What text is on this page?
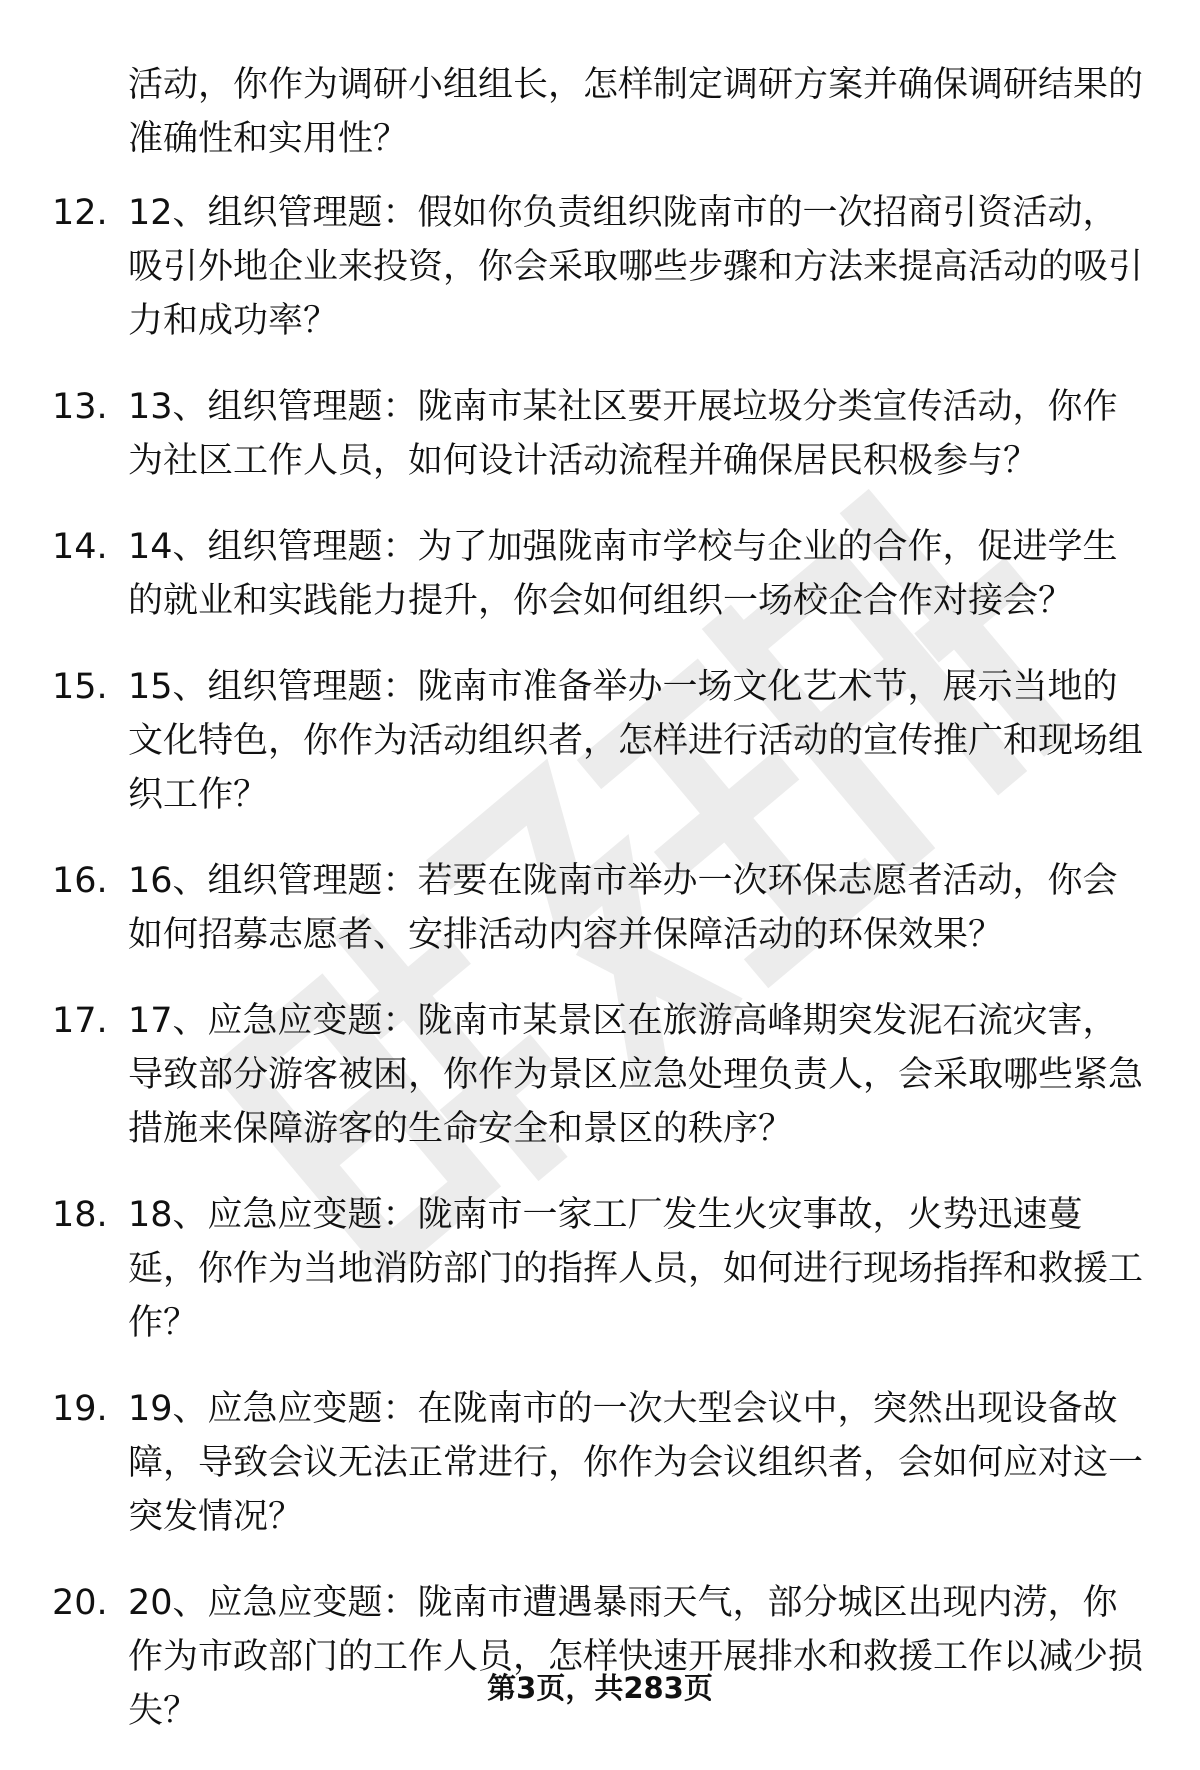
活动，你作为调研小组组长，怎样制定调研方案并确保调研结果的准确性和实用性？

12. 12、组织管理题：假如你负责组织陇南市的一次招商引资活动，吸引外地企业来投资，你会采取哪些步骤和方法来提高活动的吸引力和成功率？
13. 13、组织管理题：陇南市某社区要开展垃圾分类宣传活动，你作为社区工作人员，如何设计活动流程并确保居民积极参与？
14. 14、组织管理题：为了加强陇南市学校与企业的合作，促进学生的就业和实践能力提升，你会如何组织一场校企合作对接会？
15. 15、组织管理题：陇南市准备举办一场文化艺术节，展示当地的文化特色，你作为活动组织者，怎样进行活动的宣传推广和现场组织工作？
16. 16、组织管理题：若要在陇南市举办一次环保志愿者活动，你会如何招募志愿者、安排活动内容并保障活动的环保效果？
17. 17、应急应变题：陇南市某景区在旅游高峰期突发泥石流灾害，导致部分游客被困，你作为景区应急处理负责人，会采取哪些紧急措施来保障游客的生命安全和景区的秩序？
18. 18、应急应变题：陇南市一家工厂发生火灾事故，火势迅速蔓延，你作为当地消防部门的指挥人员，如何进行现场指挥和救援工作？
19. 19、应急应变题：在陇南市的一次大型会议中，突然出现设备故障，导致会议无法正常进行，你作为会议组织者，会如何应对这一突发情况？
20. 20、应急应变题：陇南市遭遇暴雨天气，部分城区出现内涝，你作为市政部门的工作人员，怎样快速开展排水和救援工作以减少损失？
第3页，共283页
